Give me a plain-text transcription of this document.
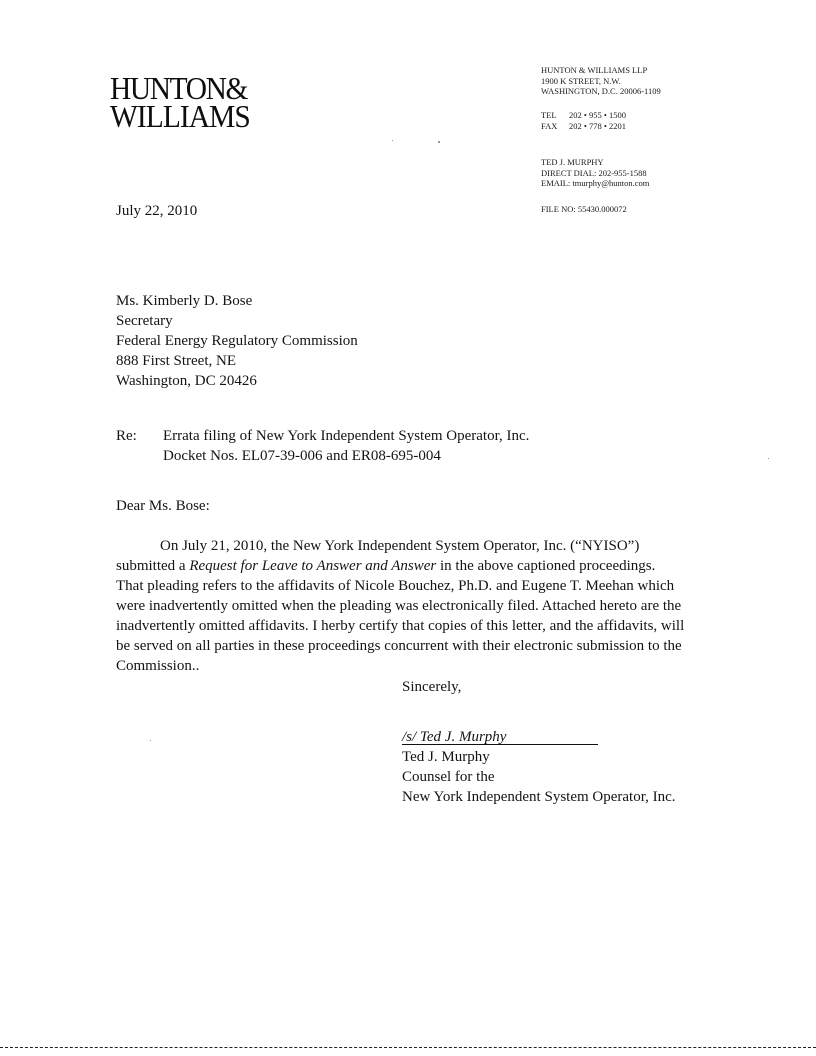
HUNTON&
WILLIAMS
HUNTON & WILLIAMS LLP
1900 K STREET, N.W.
WASHINGTON, D.C. 20006-1109
TEL	202 • 955 • 1500
FAX	202 • 778 • 2201
TED J. MURPHY
DIRECT DIAL: 202-955-1588
EMAIL: tmurphy@hunton.com
FILE NO: 55430.000072
July 22, 2010
Ms. Kimberly D. Bose
Secretary
Federal Energy Regulatory Commission
888 First Street, NE
Washington, DC 20426
Re: Errata filing of New York Independent System Operator, Inc.
Docket Nos. EL07-39-006 and ER08-695-004
Dear Ms. Bose:
On July 21, 2010, the New York Independent System Operator, Inc. (“NYISO”)
submitted a Request for Leave to Answer and Answer in the above captioned proceedings.
That pleading refers to the affidavits of Nicole Bouchez, Ph.D. and Eugene T. Meehan which
were inadvertently omitted when the pleading was electronically filed. Attached hereto are the
inadvertently omitted affidavits. I herby certify that copies of this letter, and the affidavits, will
be served on all parties in these proceedings concurrent with their electronic submission to the
Commission..
Sincerely,
/s/ Ted J. Murphy
Ted J. Murphy
Counsel for the
New York Independent System Operator, Inc.
